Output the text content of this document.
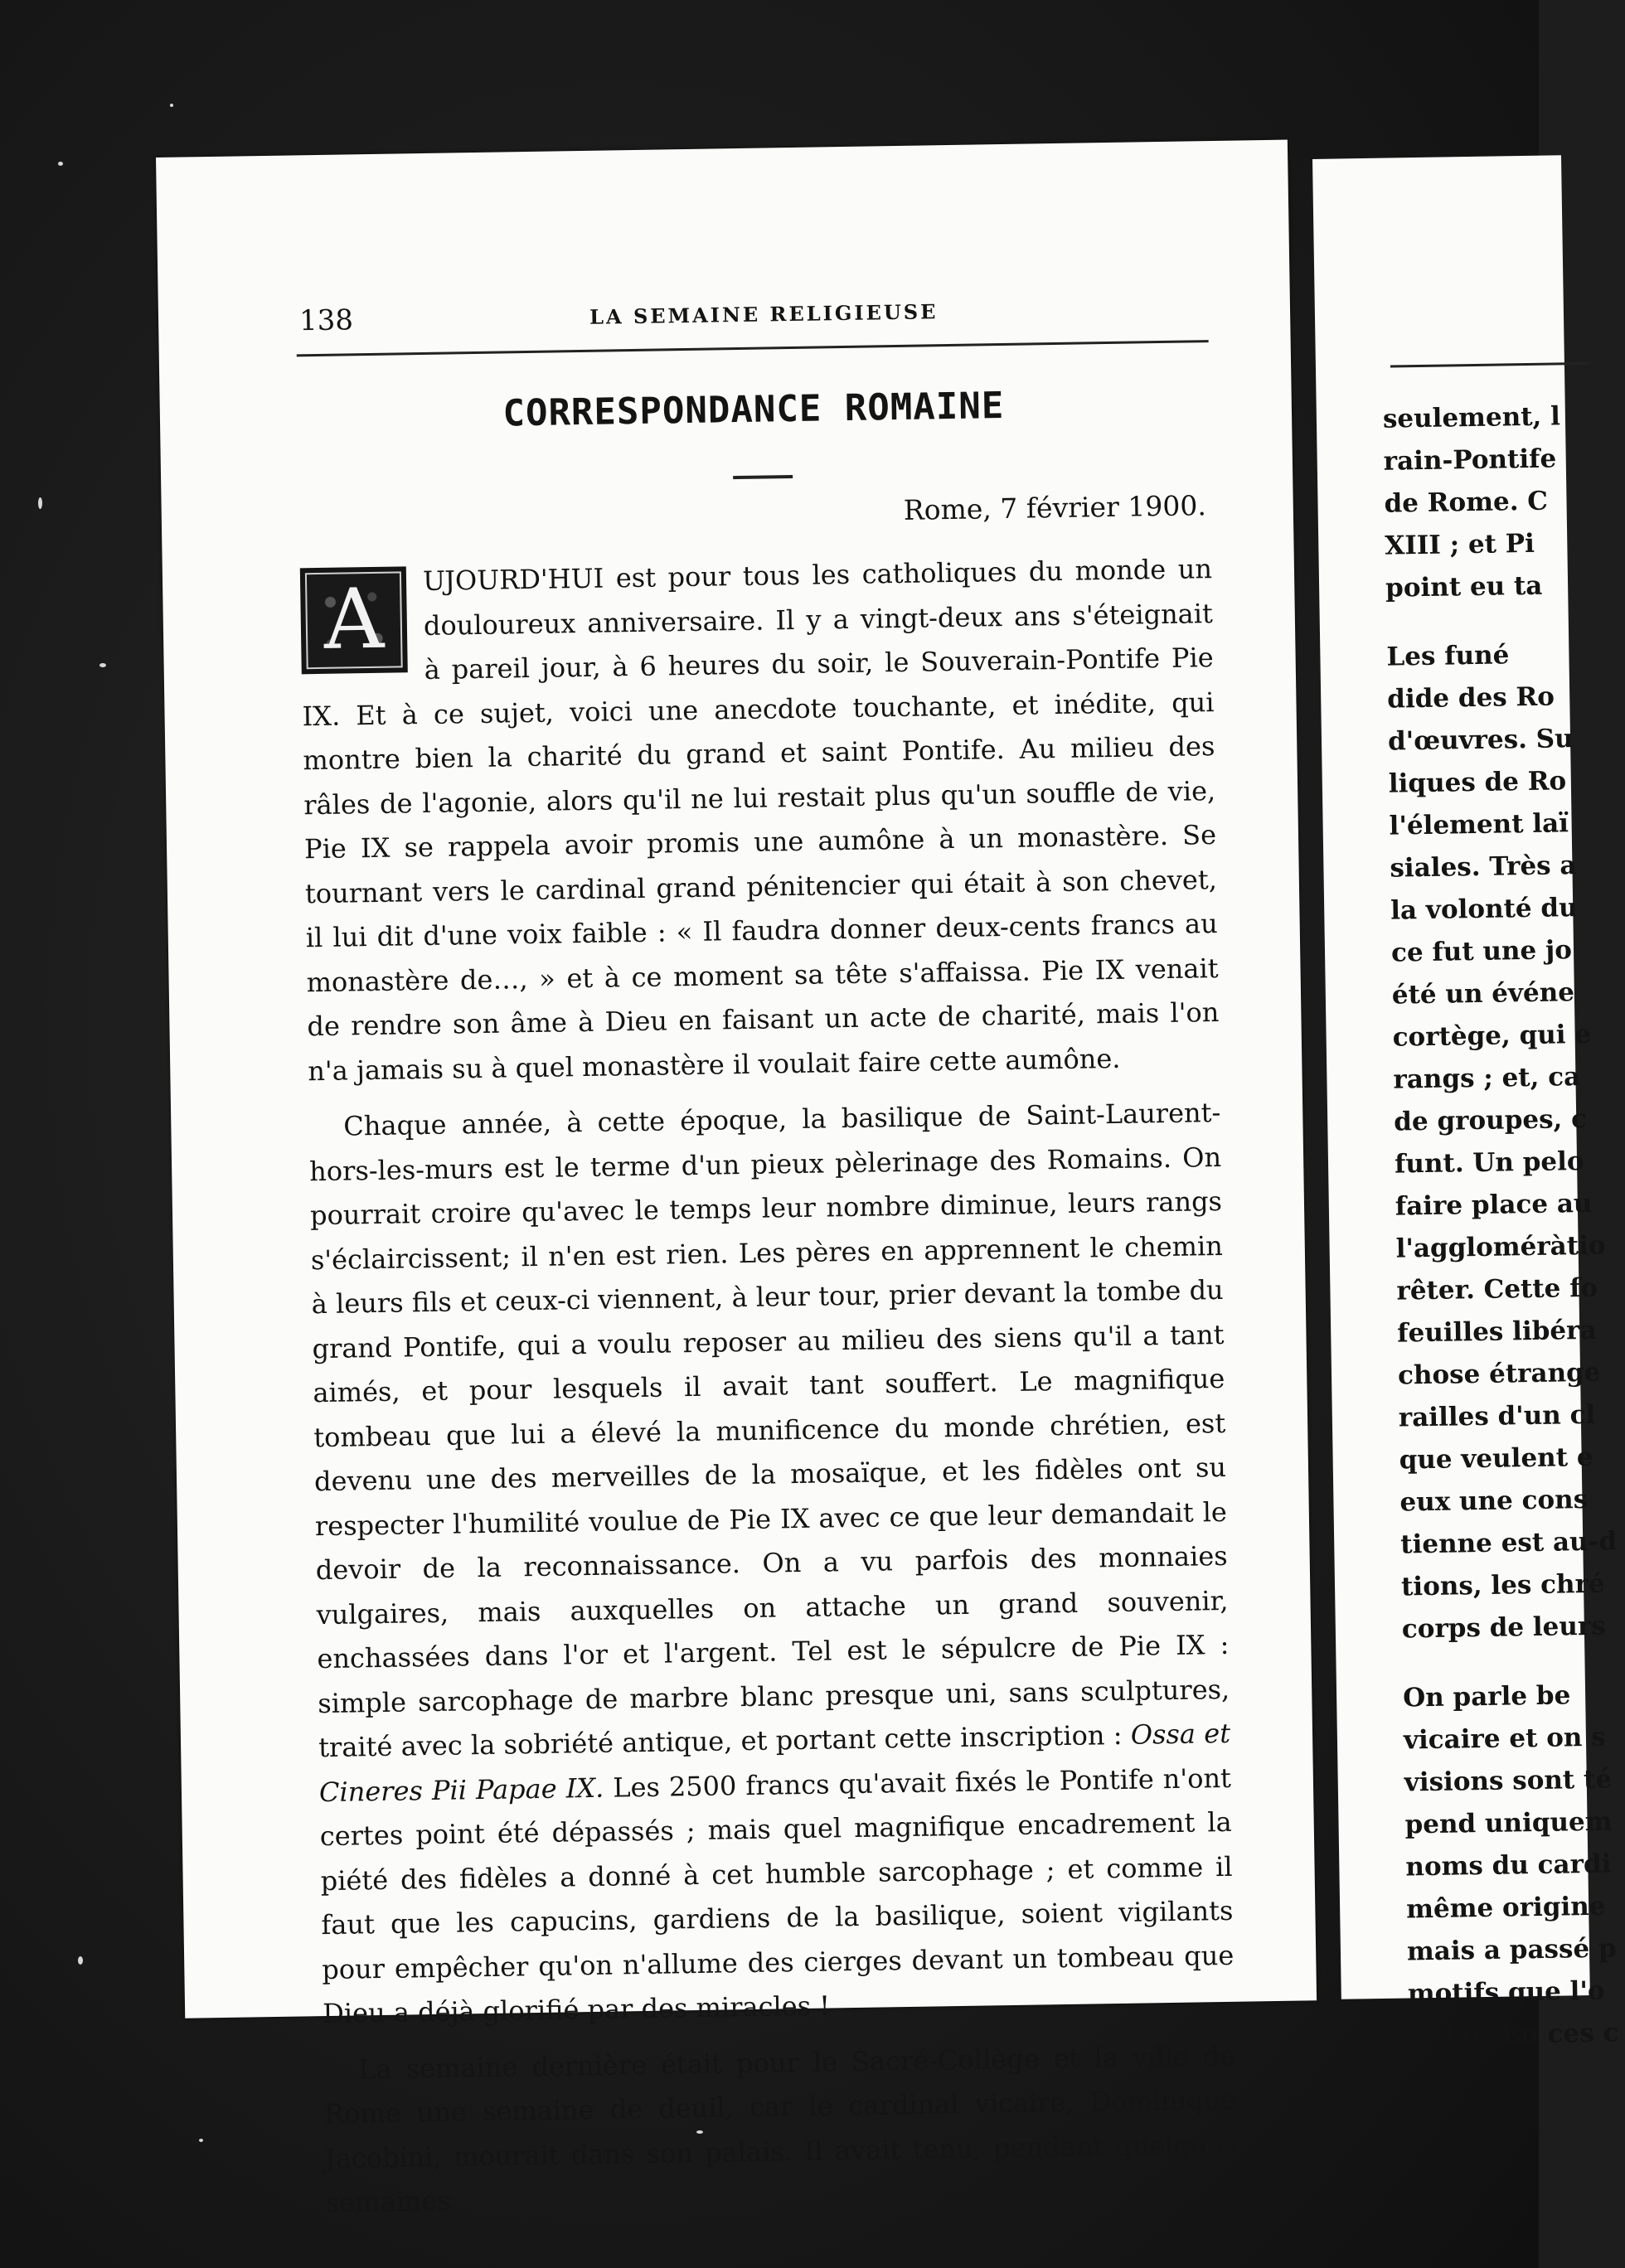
138	LA SEMAINE RELIGIEUSE
CORRESPONDANCE ROMAINE
Rome, 7 février 1900.

A	UJOURD'HUI est pour tous les catholiques du monde un douloureux anniversaire. Il y a vingt-deux ans s'éteignait à pareil jour, à 6 heures du soir, le Souverain-Pontife Pie IX. Et à ce sujet, voici une anecdote touchante, et inédite, qui montre bien la charité du grand et saint Pontife. Au milieu des râles de l'agonie, alors qu'il ne lui restait plus qu'un souffle de vie, Pie IX se rappela avoir promis une aumône à un monastère. Se tournant vers le cardinal grand pénitencier qui était à son chevet, il lui dit d'une voix faible : « Il faudra donner deux-cents francs au monastère de…, » et à ce moment sa tête s'affaissa. Pie IX venait de rendre son âme à Dieu en faisant un acte de charité, mais l'on n'a jamais su à quel monastère il voulait faire cette aumône.

Chaque année, à cette époque, la basilique de Saint-Laurent-hors-les-murs est le terme d'un pieux pèlerinage des Romains. On pourrait croire qu'avec le temps leur nombre diminue, leurs rangs s'éclaircissent; il n'en est rien. Les pères en apprennent le chemin à leurs fils et ceux-ci viennent, à leur tour, prier devant la tombe du grand Pontife, qui a voulu reposer au milieu des siens qu'il a tant aimés, et pour lesquels il avait tant souffert. Le magnifique tombeau que lui a élevé la munificence du monde chrétien, est devenu une des merveilles de la mosaïque, et les fidèles ont su respecter l'humilité voulue de Pie IX avec ce que leur demandait le devoir de la reconnaissance. On a vu parfois des monnaies vulgaires, mais auxquelles on attache un grand souvenir, enchassées dans l'or et l'argent. Tel est le sépulcre de Pie IX : simple sarcophage de marbre blanc presque uni, sans sculptures, traité avec la sobriété antique, et portant cette inscription : Ossa et Cineres Pii Papae IX. Les 2500 francs qu'avait fixés le Pontife n'ont certes point été dépassés ; mais quel magnifique encadrement la piété des fidèles a donné à cet humble sarcophage ; et comme il faut que les capucins, gardiens de la basilique, soient vigilants pour empêcher qu'on n'allume des cierges devant un tombeau que Dieu a déjà glorifié par des miracles !

La semaine dernière était pour le Sacré-Collège et la ville de Rome une semaine de deuil, car le cardinal vicaire, Dominique Jacobini, mourait dans son palais. Il avait tenu, pendant quelques semaines

seulement, l
rain-Pontife
de Rome. C
XIII ; et Pi
point eu ta
Les funé
dide des Ro
d'œuvres. Su
liques de Ro
l'élement laï
siales. Très a
la volonté du
ce fut une jo
été un événe
cortège, qui e
rangs ; et, ca
de groupes, c
funt. Un pelo
faire place au
l'aggloméràtio
rêter. Cette fo
feuilles libéra
chose étrange
railles d'un cl
que veulent e
eux une cons
tienne est au-d
tions, les chré
corps de leurs
On parle be
vicaire et on s
visions sont té
pend uniquem
noms du cardi
même origine
mais a passé p
motifs que l'o
didat. En ces c
